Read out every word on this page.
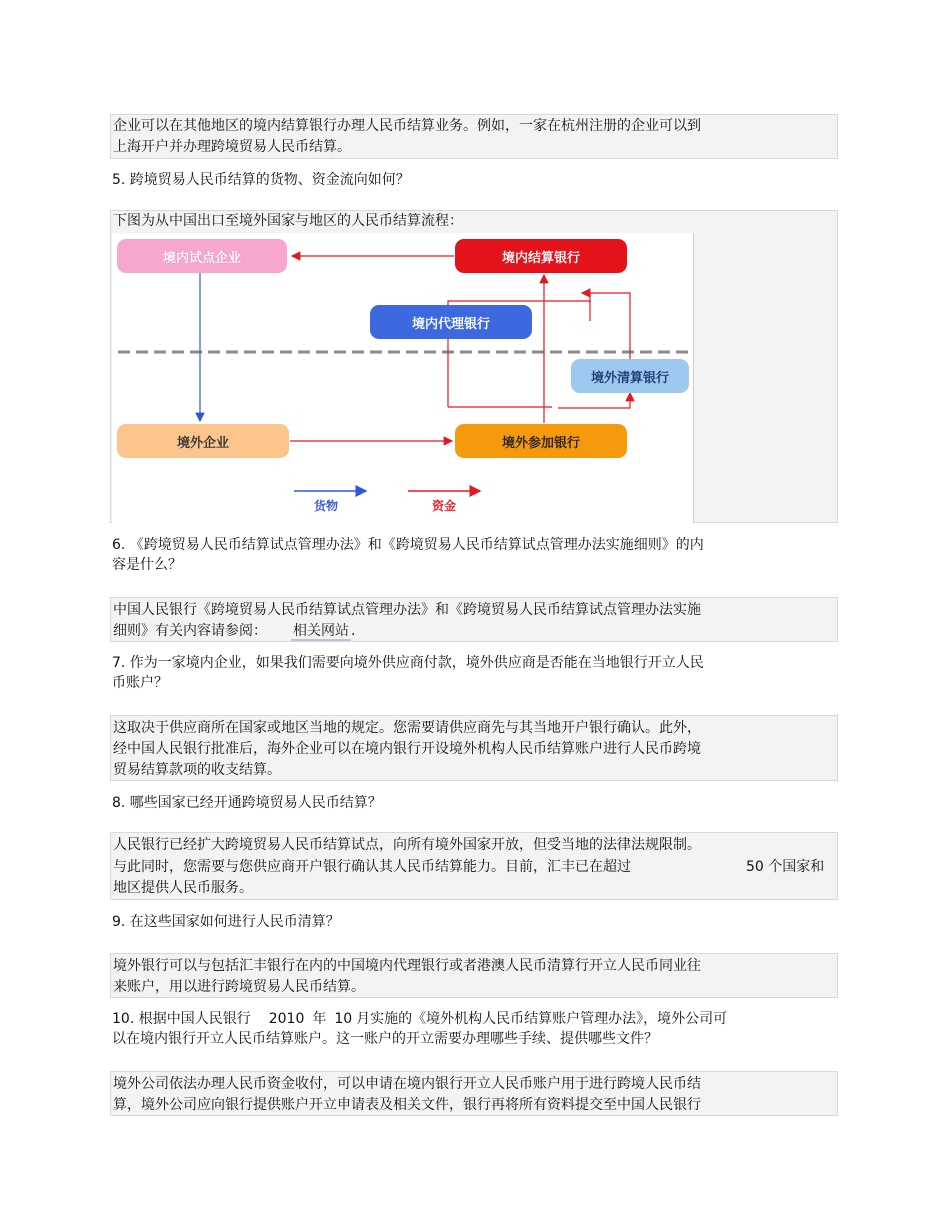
企业可以在其他地区的境内结算银行办理人民币结算业务。例如，一家在杭州注册的企业可以到
上海开户并办理跨境贸易人民币结算。
5. 跨境贸易人民币结算的货物、资金流向如何？
下图为从中国出口至境外国家与地区的人民币结算流程：
境内试点企业	境内结算银行
境内代理银行
境外清算银行
境外企业	境外参加银行
货物	资金
6. 《跨境贸易人民币结算试点管理办法》和《跨境贸易人民币结算试点管理办法实施细则》的内
容是什么？
中国人民银行《跨境贸易人民币结算试点管理办法》和《跨境贸易人民币结算试点管理办法实施
细则》有关内容请参阅： 相关网站 .
7. 作为一家境内企业，如果我们需要向境外供应商付款，境外供应商是否能在当地银行开立人民
币账户？
这取决于供应商所在国家或地区当地的规定。您需要请供应商先与其当地开户银行确认。此外，
经中国人民银行批准后，海外企业可以在境内银行开设境外机构人民币结算账户进行人民币跨境
贸易结算款项的收支结算。
8. 哪些国家已经开通跨境贸易人民币结算？
人民银行已经扩大跨境贸易人民币结算试点，向所有境外国家开放，但受当地的法律法规限制。
与此同时，您需要与您供应商开户银行确认其人民币结算能力。目前，汇丰已在超过	50 个国家和
地区提供人民币服务。
9. 在这些国家如何进行人民币清算？
境外银行可以与包括汇丰银行在内的中国境内代理银行或者港澳人民币清算行开立人民币同业往
来账户，用以进行跨境贸易人民币结算。
10. 根据中国人民银行 2010 年 10 月实施的《境外机构人民币结算账户管理办法》，境外公司可
以在境内银行开立人民币结算账户。这一账户的开立需要办理哪些手续、提供哪些文件？
境外公司依法办理人民币资金收付，可以申请在境内银行开立人民币账户用于进行跨境人民币结
算，境外公司应向银行提供账户开立申请表及相关文件，银行再将所有资料提交至中国人民银行
